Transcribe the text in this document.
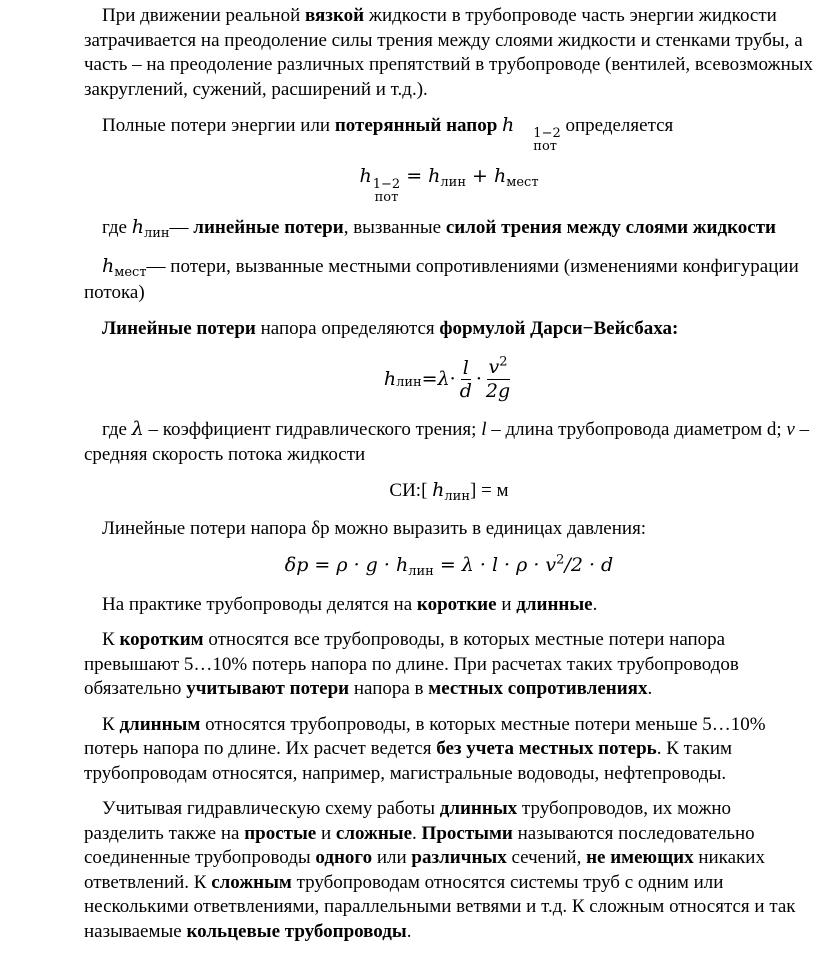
При движении реальной вязкой жидкости в трубопроводе часть энергии жидкости затрачивается на преодоление силы трения между слоями жидкости и стенками трубы, а часть – на преодоление различных препятствий в трубопроводе (вентилей, всевозможных закруглений, сужений, расширений и т.д.).

Полные потери энергии или потерянный напор h	1−2
пот
определяется

h 1−2
пот
= $h_{лин} + h_{мест}$

где $h_{лин}—$ линейные потери, вызванные силой трения между слоями жидкости

$h_{мест}—$ потери, вызванные местными сопротивлениями (изменениями конфигурации потока)

Линейные потери напора определяются формулой Дарси−Вейсбаха:

h лин = $\lambda \cdot \frac{l}{d} \cdot \frac{v^2}{2g}$

где λ – коэффициент гидравлического трения; l – длина трубопровода диаметром d; v – средняя скорость потока жидкости

СИ:[ $h_{лин}] = м$

Линейные потери напора δр можно выразить в единицах давления:

$\delta p = \rho \cdot g \cdot h_{лин} = \lambda \cdot l \cdot \rho \cdot v^2/2 \cdot d$

На практике трубопроводы делятся на короткие и длинные.

К коротким относятся все трубопроводы, в которых местные потери напора превышают 5…10% потерь напора по длине. При расчетах таких трубопроводов обязательно учитывают потери напора в местных сопротивлениях.

К длинным относятся трубопроводы, в которых местные потери меньше 5…10% потерь напора по длине. Их расчет ведется без учета местных потерь. К таким трубопроводам относятся, например, магистральные водоводы, нефтепроводы.

Учитывая гидравлическую схему работы длинных трубопроводов, их можно разделить также на простые и сложные. Простыми называются последовательно соединенные трубопроводы одного или различных сечений, не имеющих никаких ответвлений. К сложным трубопроводам относятся системы труб с одним или несколькими ответвлениями, параллельными ветвями и т.д. К сложным относятся и так называемые кольцевые трубопроводы.
